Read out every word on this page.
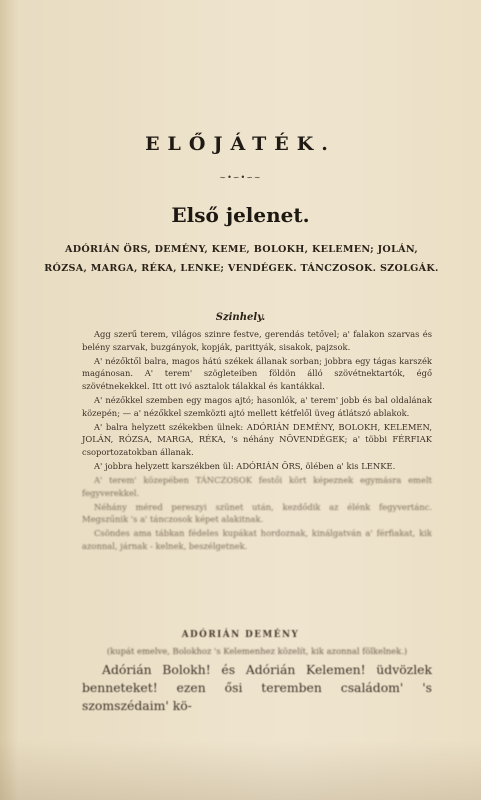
ELŐJÁTÉK.
∼•∽•∽∼
Első jelenet.
ADÓRIÁN ÖRS, DEMÉNY, KEME, BOLOKH, KELEMEN; JOLÁN, RÓZSA, MARGA, RÉKA, LENKE; VENDÉGEK. TÁNCZOSOK. SZOLGÁK.
Szinhely.

Agg szerű terem, világos szinre festve, gerendás tetővel; a' falakon szarvas és belény szarvak, buzgányok, kopják, parittyák, sisakok, pajzsok.

A' nézőktől balra, magos hátú székek állanak sorban; jobbra egy tágas karszék magánosan. A' terem' szögleteiben földön álló szövétnektartók, égő szövétnekekkel. Itt ott ivó asztalok tálakkal és kantákkal.

A' nézőkkel szemben egy magos ajtó; hasonlók, a' terem' jobb és bal oldalának közepén; — a' nézőkkel szemközti ajtó mellett kétfelől üveg átlátszó ablakok.

A' balra helyzett székekben ülnek: ADÓRIÁN DEMÉNY, BOLOKH, KELEMEN, JOLÁN, RÓZSA, MARGA, RÉKA, 's néhány NÖVENDÉGEK; a' többi FÉRFIAK csoportozatokban állanak.

A' jobbra helyzett karszékben ül: ADÓRIÁN ÖRS, ölében a' kis LENKE.

A' terem' közepében TÁNCZOSOK festői kört képeznek egymásra emelt fegyverekkel.

Néhány méred pereszyi szünet után, kezdődik az élénk fegyvertánc. Megszűnik 's a' tánczosok képet alakitnak.

Csöndes ama tábkan fédeles kupákat hordoznak, kinálgatván a' férfiakat, kik azonnal, járnak - kelnek, beszélgetnek.

ADÓRIÁN DEMÉNY
(kupát emelve, Bolokhoz 's Kelemenhez közelít, kik azonnal fölkelnek.)

Adórián Bolokh! és Adórián Kelemen! üdvözlek benneteket! ezen ősi teremben családom' 's szomszédaim' kö-
